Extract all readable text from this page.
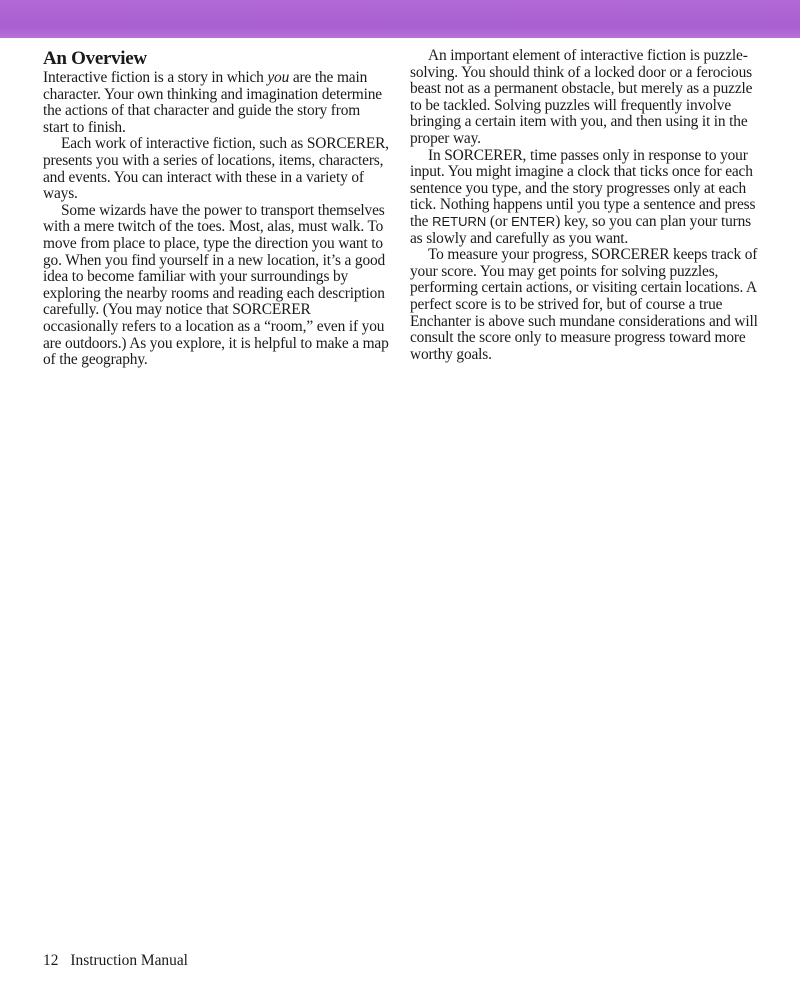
An Overview

Interactive fiction is a story in which you are the main character. Your own thinking and imagination determine the actions of that character and guide the story from start to finish.

Each work of interactive fiction, such as SORCERER, presents you with a series of locations, items, characters, and events. You can interact with these in a variety of ways.

Some wizards have the power to transport themselves with a mere twitch of the toes. Most, alas, must walk. To move from place to place, type the direction you want to go. When you find yourself in a new location, it’s a good idea to become familiar with your surroundings by exploring the nearby rooms and reading each description carefully. (You may notice that SORCERER occasionally refers to a location as a “room,” even if you are outdoors.) As you explore, it is helpful to make a map of the geography.

An important element of interactive fiction is puzzle-solving. You should think of a locked door or a ferocious beast not as a permanent obstacle, but merely as a puzzle to be tackled. Solving puzzles will frequently involve bringing a certain item with you, and then using it in the proper way.

In SORCERER, time passes only in response to your input. You might imagine a clock that ticks once for each sentence you type, and the story progresses only at each tick. Nothing happens until you type a sentence and press the RETURN (or ENTER) key, so you can plan your turns as slowly and carefully as you want.

To measure your progress, SORCERER keeps track of your score. You may get points for solving puzzles, performing certain actions, or visiting certain locations. A perfect score is to be strived for, but of course a true Enchanter is above such mundane considerations and will consult the score only to measure progress toward more worthy goals.

12 Instruction Manual
